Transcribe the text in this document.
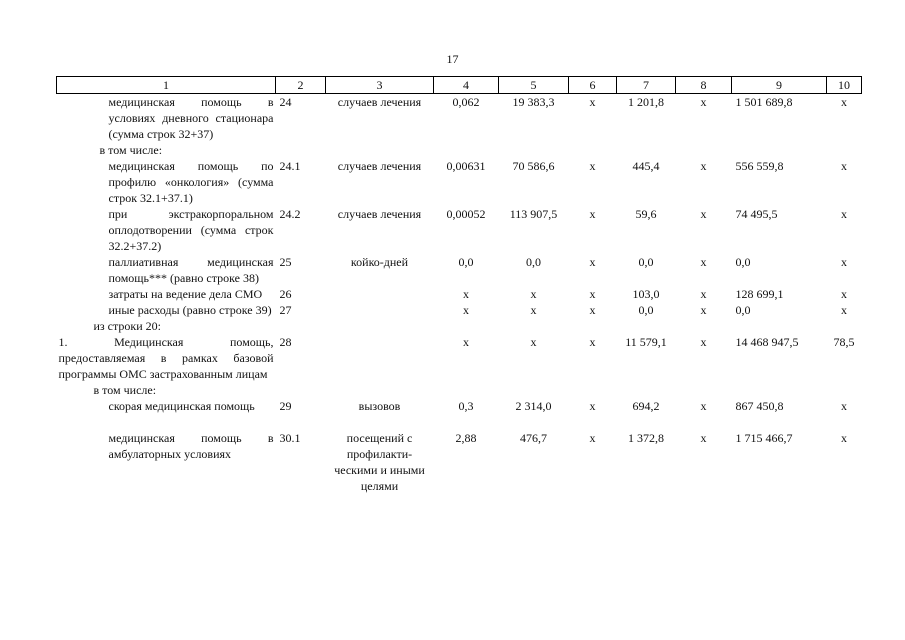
17
1	2	3	4	5	6	7	8	9	10
медицинская помощь в условиях дневного стационара (сумма строк 32+37)	24	случаев лечения	0,062	19 383,3	х	1 201,8	х	1 501 689,8	х
в том числе:									
медицинская помощь по профилю «онкология» (сумма строк 32.1+37.1)	24.1	случаев лечения	0,00631	70 586,6	х	445,4	х	556 559,8	х
при экстракорпоральном оплодотворении (сумма строк 32.2+37.2)	24.2	случаев лечения	0,00052	113 907,5	х	59,6	х	74 495,5	х
паллиативная медицинская помощь*** (равно строке 38)	25	койко-дней	0,0	0,0	х	0,0	х	0,0	х
затраты на ведение дела СМО	26		х	х	х	103,0	х	128 699,1	х
иные расходы (равно строке 39)	27		х	х	х	0,0	х	0,0	х
из строки 20:									
1. Медицинская помощь, предоставляемая в рамках базовой программы ОМС застрахованным лицам	28		х	х	х	11 579,1	х	14 468 947,5	78,5
в том числе:									
скорая медицинская помощь	29	вызовов	0,3	2 314,0	х	694,2	х	867 450,8	х

медицинская помощь в амбулаторных условиях	30.1	посещений с профилакти-ческими и иными целями	2,88	476,7	х	1 372,8	х	1 715 466,7	х
